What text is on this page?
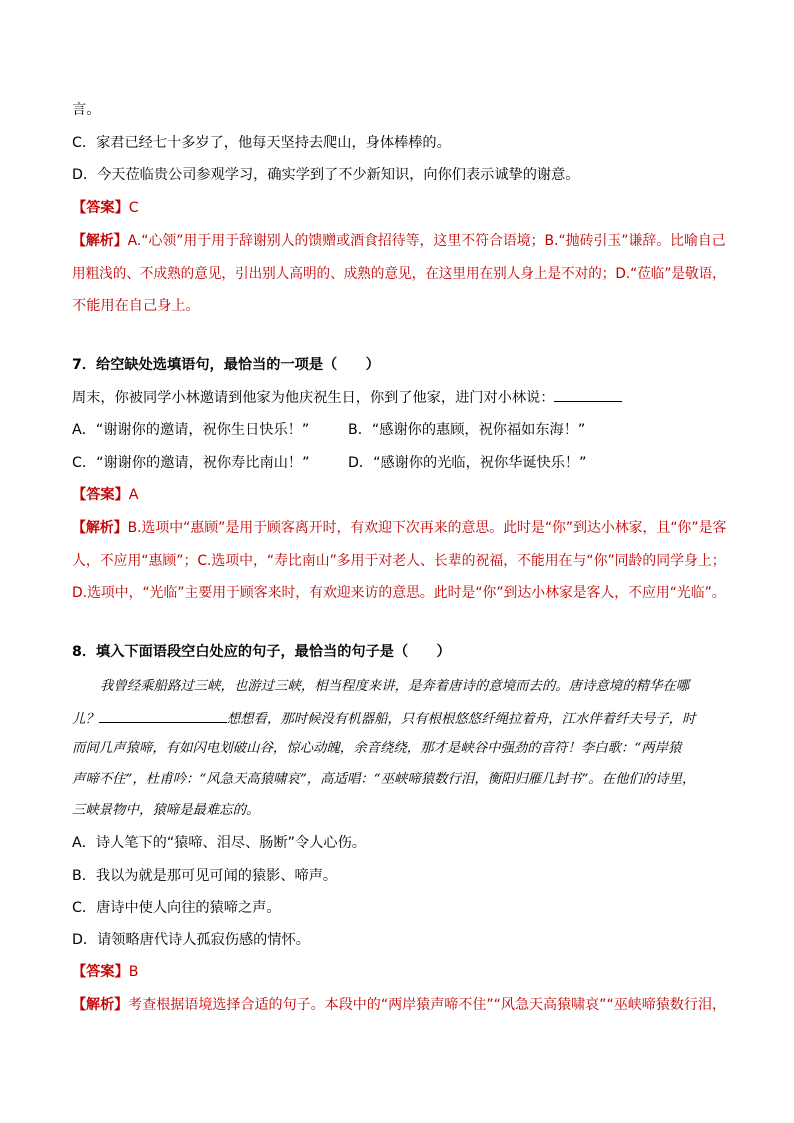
言。
C．家君已经七十多岁了，他每天坚持去爬山，身体棒棒的。
D．今天莅临贵公司参观学习，确实学到了不少新知识，向你们表示诚挚的谢意。
【答案】C
【解析】A.“心领”用于用于辞谢别人的馈赠或酒食招待等，这里不符合语境；B.“抛砖引玉”谦辞。比喻自己
用粗浅的、不成熟的意见，引出别人高明的、成熟的意见，在这里用在别人身上是不对的；D.“莅临”是敬语，
不能用在自己身上。
7．给空缺处选填语句，最恰当的一项是（　　）
周末，你被同学小林邀请到他家为他庆祝生日，你到了他家，进门对小林说：
A．“谢谢你的邀请，祝你生日快乐！”	B．“感谢你的惠顾，祝你福如东海！”
C．“谢谢你的邀请，祝你寿比南山！”	D．“感谢你的光临，祝你华诞快乐！”
【答案】A
【解析】B.选项中“惠顾”是用于顾客离开时，有欢迎下次再来的意思。此时是“你”到达小林家，且“你”是客
人，不应用“惠顾”；C.选项中，“寿比南山”多用于对老人、长辈的祝福，不能用在与“你”同龄的同学身上；
D.选项中，“光临”主要用于顾客来时，有欢迎来访的意思。此时是“你”到达小林家是客人，不应用“光临”。
8．填入下面语段空白处应的句子，最恰当的句子是（　　）
我曾经乘船路过三峡，也游过三峡，相当程度来讲，是奔着唐诗的意境而去的。唐诗意境的精华在哪
儿？	想想看，那时候没有机器船，只有根根悠悠纤绳拉着舟，江水伴着纤夫号子，时
而间几声猿啼，有如闪电划破山谷，惊心动魄，余音绕绕，那才是峡谷中强劲的音符！李白歌：“两岸猿
声啼不住”，杜甫吟：“风急天高猿啸哀”，高适唱：“巫峡啼猿数行泪，衡阳归雁几封书”。在他们的诗里，
三峡景物中，猿啼是最难忘的。
A．诗人笔下的“猿啼、泪尽、肠断”令人心伤。
B．我以为就是那可见可闻的猿影、啼声。
C．唐诗中使人向往的猿啼之声。
D．请领略唐代诗人孤寂伤感的情怀。
【答案】B
【解析】考查根据语境选择合适的句子。本段中的“两岸猿声啼不住”“风急天高猿啸哀”“巫峡啼猿数行泪，
